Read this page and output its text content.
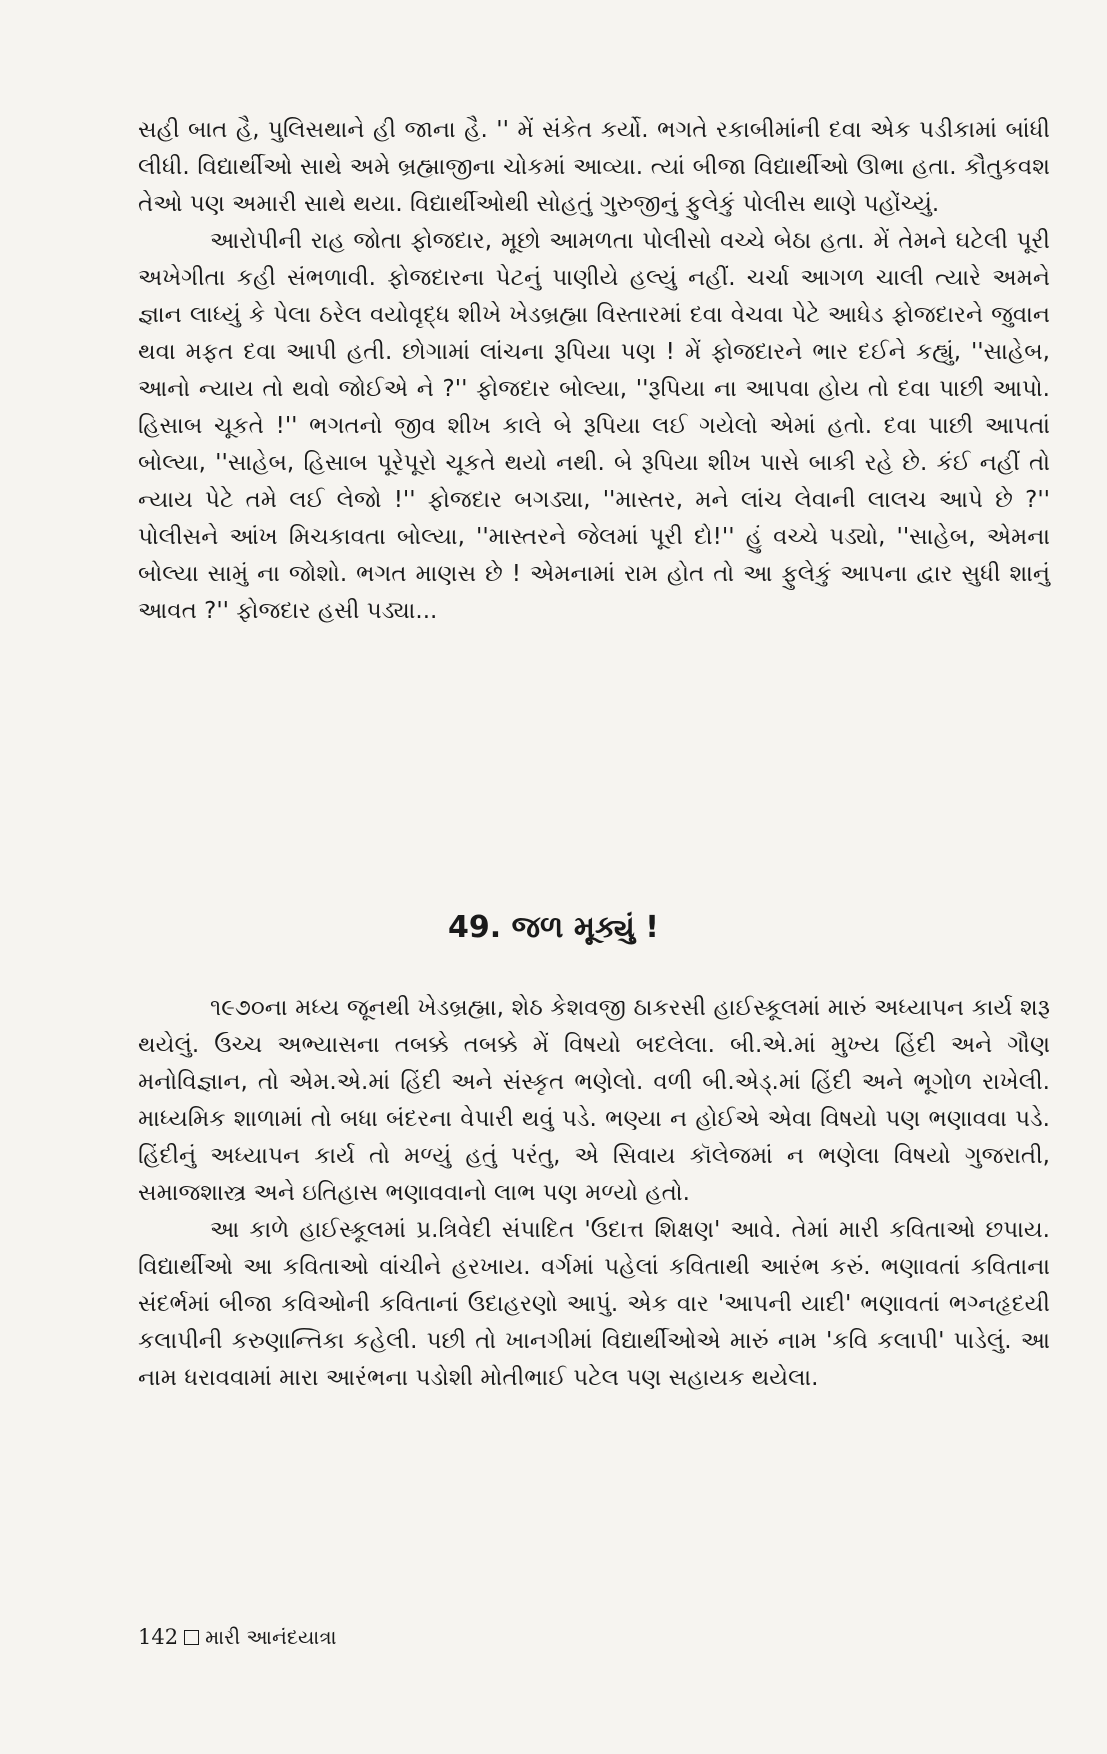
સહી બાત હૈ, પુલિસથાને હી જાના હૈ. '' મેં સંકેત કર્યો. ભગતે રકાબીમાંની દવા એક પડીકામાં બાંધી લીધી. વિદ્યાર્થીઓ સાથે અમે બ્રહ્માજીના ચોકમાં આવ્યા. ત્યાં બીજા વિદ્યાર્થીઓ ઊભા હતા. કૌતુકવશ તેઓ પણ અમારી સાથે થયા. વિદ્યાર્થીઓથી સોહતું ગુરુજીનું ફુલેકું પોલીસ થાણે પહોંચ્યું.

આરોપીની રાહ જોતા ફોજદાર, મૂછો આમળતા પોલીસો વચ્ચે બેઠા હતા. મેં તેમને ઘટેલી પૂરી અખેગીતા કહી સંભળાવી. ફોજદારના પેટનું પાણીયે હલ્યું નહીં. ચર્ચા આગળ ચાલી ત્યારે અમને જ્ઞાન લાધ્યું કે પેલા ઠરેલ વયોવૃદ્ધ શીખે ખેડબ્રહ્મા વિસ્તારમાં દવા વેચવા પેટે આધેડ ફોજદારને જુવાન થવા મફત દવા આપી હતી. છોગામાં લાંચના રૂપિયા પણ ! મેં ફોજદારને ભાર દઈને કહ્યું, ''સાહેબ, આનો ન્યાય તો થવો જોઈએ ને ?'' ફોજદાર બોલ્યા, ''રૂપિયા ના આપવા હોય તો દવા પાછી આપો. હિસાબ ચૂકતે !'' ભગતનો જીવ શીખ કાલે બે રૂપિયા લઈ ગયેલો એમાં હતો. દવા પાછી આપતાં બોલ્યા, ''સાહેબ, હિસાબ પૂરેપૂરો ચૂકતે થયો નથી. બે રૂપિયા શીખ પાસે બાકી રહે છે. કંઈ નહીં તો ન્યાય પેટે તમે લઈ લેજો !'' ફોજદાર બગડ્યા, ''માસ્તર, મને લાંચ લેવાની લાલચ આપે છે ?'' પોલીસને આંખ મિચકાવતા બોલ્યા, ''માસ્તરને જેલમાં પૂરી દો!'' હું વચ્ચે પડ્યો, ''સાહેબ, એમના બોલ્યા સામું ના જોશો. ભગત માણસ છે ! એમનામાં રામ હોત તો આ ફુલેકું આપના દ્વાર સુધી શાનું આવત ?'' ફોજદાર હસી પડ્યા...

49. જળ મૂક્યું !

૧૯૭૦ના મધ્ય જૂનથી ખેડબ્રહ્મા, શેઠ કેશવજી ઠાકરસી હાઈસ્કૂલમાં મારું અધ્યાપન કાર્ય શરૂ થયેલું. ઉચ્ચ અભ્યાસના તબક્કે તબક્કે મેં વિષયો બદલેલા. બી.એ.માં મુખ્ય હિંદી અને ગૌણ મનોવિજ્ઞાન, તો એમ.એ.માં હિંદી અને સંસ્કૃત ભણેલો. વળી બી.એડ્.માં હિંદી અને ભૂગોળ રાખેલી. માધ્યમિક શાળામાં તો બધા બંદરના વેપારી થવું પડે. ભણ્યા ન હોઈએ એવા વિષયો પણ ભણાવવા પડે. હિંદીનું અધ્યાપન કાર્ય તો મળ્યું હતું પરંતુ, એ સિવાય કૉલેજમાં ન ભણેલા વિષયો ગુજરાતી, સમાજશાસ્ત્ર અને ઇતિહાસ ભણાવવાનો લાભ પણ મળ્યો હતો.

આ કાળે હાઈસ્કૂલમાં પ્ર.ત્રિવેદી સંપાદિત 'ઉદાત્ત શિક્ષણ' આવે. તેમાં મારી કવિતાઓ છપાય. વિદ્યાર્થીઓ આ કવિતાઓ વાંચીને હરખાય. વર્ગમાં પહેલાં કવિતાથી આરંભ કરું. ભણાવતાં કવિતાના સંદર્ભમાં બીજા કવિઓની કવિતાનાં ઉદાહરણો આપું. એક વાર 'આપની યાદી' ભણાવતાં ભગ્નહૃદયી કલાપીની કરુણાન્તિકા કહેલી. પછી તો ખાનગીમાં વિદ્યાર્થીઓએ મારું નામ 'કવિ કલાપી' પાડેલું. આ નામ ધરાવવામાં મારા આરંભના પડોશી મોતીભાઈ પટેલ પણ સહાયક થયેલા.

142 મારી આનંદયાત્રા
